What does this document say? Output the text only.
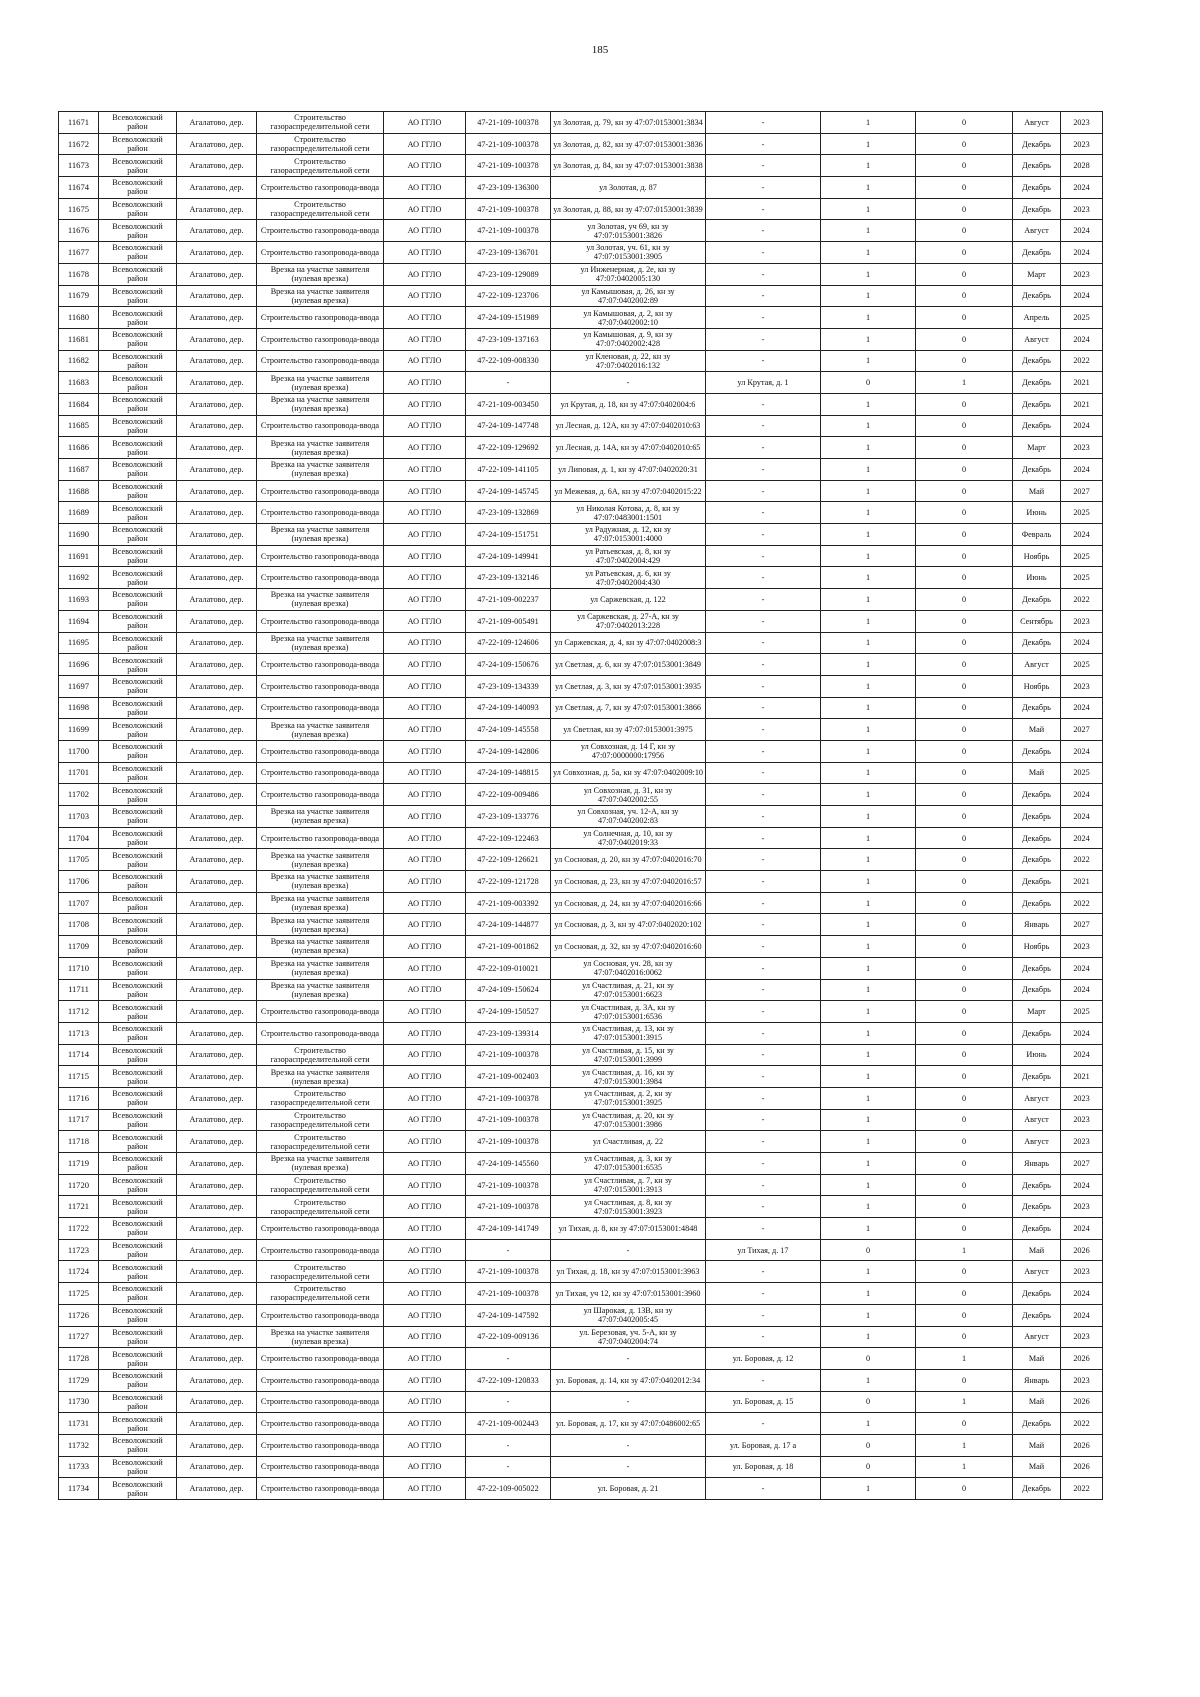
185
11671	Всеволожский район	Агалатово, дер.	Строительство газораспределительной сети	АО ГГЛО	47-21-109-100378	ул Золотая, д. 79, кн зу 47:07:0153001:3834	-	1	0	Август	2023
11672	Всеволожский район	Агалатово, дер.	Строительство газораспределительной сети	АО ГГЛО	47-21-109-100378	ул Золотая, д. 82, кн зу 47:07:0153001:3836	-	1	0	Декабрь	2023
11673	Всеволожский район	Агалатово, дер.	Строительство газораспределительной сети	АО ГГЛО	47-21-109-100378	ул Золотая, д. 84, кн зу 47:07:0153001:3838	-	1	0	Декабрь	2028
11674	Всеволожский район	Агалатово, дер.	Строительство газопровода-ввода	АО ГГЛО	47-23-109-136300	ул Золотая, д. 87	-	1	0	Декабрь	2024
11675	Всеволожский район	Агалатово, дер.	Строительство газораспределительной сети	АО ГГЛО	47-21-109-100378	ул Золотая, д. 88, кн зу 47:07:0153001:3839	-	1	0	Декабрь	2023
11676	Всеволожский район	Агалатово, дер.	Строительство газопровода-ввода	АО ГГЛО	47-21-109-100378	ул Золотая, уч 69, кн зу 47:07:0153001:3826	-	1	0	Август	2024
11677	Всеволожский район	Агалатово, дер.	Строительство газопровода-ввода	АО ГГЛО	47-23-109-136701	ул Золотая, уч. 61, кн зу 47:07:0153001:3905	-	1	0	Декабрь	2024
11678	Всеволожский район	Агалатово, дер.	Врезка на участке заявителя (нулевая врезка)	АО ГГЛО	47-23-109-129089	ул Инженерная, д. 2е, кн зу 47:07:0402005:130	-	1	0	Март	2023
11679	Всеволожский район	Агалатово, дер.	Врезка на участке заявителя (нулевая врезка)	АО ГГЛО	47-22-109-123706	ул Камышовая, д. 26, кн зу 47:07:0402002:89	-	1	0	Декабрь	2024
11680	Всеволожский район	Агалатово, дер.	Строительство газопровода-ввода	АО ГГЛО	47-24-109-151989	ул Камышовая, д. 2, кн зу 47:07:0402002:10	-	1	0	Апрель	2025
11681	Всеволожский район	Агалатово, дер.	Строительство газопровода-ввода	АО ГГЛО	47-23-109-137163	ул Камышовая, д. 9, кн зу 47:07:0402002:428	-	1	0	Август	2024
11682	Всеволожский район	Агалатово, дер.	Строительство газопровода-ввода	АО ГГЛО	47-22-109-008330	ул Кленовая, д. 22, кн зу 47:07:0402016:132	-	1	0	Декабрь	2022
11683	Всеволожский район	Агалатово, дер.	Врезка на участке заявителя (нулевая врезка)	АО ГГЛО	-	-	ул Крутая, д. 1	0	1	Декабрь	2021
11684	Всеволожский район	Агалатово, дер.	Врезка на участке заявителя (нулевая врезка)	АО ГГЛО	47-21-109-003450	ул Крутая, д. 18, кн зу 47:07:0402004:6	-	1	0	Декабрь	2021
11685	Всеволожский район	Агалатово, дер.	Строительство газопровода-ввода	АО ГГЛО	47-24-109-147748	ул Лесная, д. 12А, кн зу 47:07:0402010:63	-	1	0	Декабрь	2024
11686	Всеволожский район	Агалатово, дер.	Врезка на участке заявителя (нулевая врезка)	АО ГГЛО	47-22-109-129692	ул Лесная, д. 14А, кн зу 47:07:0402010:65	-	1	0	Март	2023
11687	Всеволожский район	Агалатово, дер.	Врезка на участке заявителя (нулевая врезка)	АО ГГЛО	47-22-109-141105	ул Липовая, д. 1, кн зу 47:07:0402020:31	-	1	0	Декабрь	2024
11688	Всеволожский район	Агалатово, дер.	Строительство газопровода-ввода	АО ГГЛО	47-24-109-145745	ул Межевая, д. 6А, кн зу 47:07:0402015:22	-	1	0	Май	2027
11689	Всеволожский район	Агалатово, дер.	Строительство газопровода-ввода	АО ГГЛО	47-23-109-132869	ул Николая Котова, д. 8, кн зу 47:07:0483001:1501	-	1	0	Июнь	2025
11690	Всеволожский район	Агалатово, дер.	Врезка на участке заявителя (нулевая врезка)	АО ГГЛО	47-24-109-151751	ул Радужная, д. 12, кн зу 47:07:0153001:4000	-	1	0	Февраль	2024
11691	Всеволожский район	Агалатово, дер.	Строительство газопровода-ввода	АО ГГЛО	47-24-109-149941	ул Ратьевская, д. 8, кн зу 47:07:0402004:429	-	1	0	Ноябрь	2025
11692	Всеволожский район	Агалатово, дер.	Строительство газопровода-ввода	АО ГГЛО	47-23-109-132146	ул Ратьевская, д. 6, кн зу 47:07:0402004:430	-	1	0	Июнь	2025
11693	Всеволожский район	Агалатово, дер.	Врезка на участке заявителя (нулевая врезка)	АО ГГЛО	47-21-109-002237	ул Саржевская, д. 122	-	1	0	Декабрь	2022
11694	Всеволожский район	Агалатово, дер.	Строительство газопровода-ввода	АО ГГЛО	47-21-109-005491	ул Саржевская, д. 27-А, кн зу 47:07:0402013:228	-	1	0	Сентябрь	2023
11695	Всеволожский район	Агалатово, дер.	Врезка на участке заявителя (нулевая врезка)	АО ГГЛО	47-22-109-124606	ул Саржевская, д. 4, кн зу 47:07:0402008:3	-	1	0	Декабрь	2024
11696	Всеволожский район	Агалатово, дер.	Строительство газопровода-ввода	АО ГГЛО	47-24-109-150676	ул Светлая, д. 6, кн зу 47:07:0153001:3849	-	1	0	Август	2025
11697	Всеволожский район	Агалатово, дер.	Строительство газопровода-ввода	АО ГГЛО	47-23-109-134339	ул Светлая, д. 3, кн зу 47:07:0153001:3935	-	1	0	Ноябрь	2023
11698	Всеволожский район	Агалатово, дер.	Строительство газопровода-ввода	АО ГГЛО	47-24-109-140093	ул Светлая, д. 7, кн зу 47:07:0153001:3866	-	1	0	Декабрь	2024
11699	Всеволожский район	Агалатово, дер.	Врезка на участке заявителя (нулевая врезка)	АО ГГЛО	47-24-109-145558	ул Светлая, кн зу 47:07:0153001:3975	-	1	0	Май	2027
11700	Всеволожский район	Агалатово, дер.	Строительство газопровода-ввода	АО ГГЛО	47-24-109-142806	ул Совхозная, д. 14 Г, кн зу 47:07:0000000:17956	-	1	0	Декабрь	2024
11701	Всеволожский район	Агалатово, дер.	Строительство газопровода-ввода	АО ГГЛО	47-24-109-148815	ул Совхозная, д. 5а, кн зу 47:07:0402009:10	-	1	0	Май	2025
11702	Всеволожский район	Агалатово, дер.	Строительство газопровода-ввода	АО ГГЛО	47-22-109-009486	ул Совхозная, д. 31, кн зу 47:07:0402002:55	-	1	0	Декабрь	2024
11703	Всеволожский район	Агалатово, дер.	Врезка на участке заявителя (нулевая врезка)	АО ГГЛО	47-23-109-133776	ул Совхозная, уч. 12-А, кн зу 47:07:0402002:83	-	1	0	Декабрь	2024
11704	Всеволожский район	Агалатово, дер.	Строительство газопровода-ввода	АО ГГЛО	47-22-109-122463	ул Солнечная, д. 10, кн зу 47:07:0402019:33	-	1	0	Декабрь	2024
11705	Всеволожский район	Агалатово, дер.	Врезка на участке заявителя (нулевая врезка)	АО ГГЛО	47-22-109-126621	ул Сосновая, д. 20, кн зу 47:07:0402016:70	-	1	0	Декабрь	2022
11706	Всеволожский район	Агалатово, дер.	Врезка на участке заявителя (нулевая врезка)	АО ГГЛО	47-22-109-121728	ул Сосновая, д. 23, кн зу 47:07:0402016:57	-	1	0	Декабрь	2021
11707	Всеволожский район	Агалатово, дер.	Врезка на участке заявителя (нулевая врезка)	АО ГГЛО	47-21-109-003392	ул Сосновая, д. 24, кн зу 47:07:0402016:66	-	1	0	Декабрь	2022
11708	Всеволожский район	Агалатово, дер.	Врезка на участке заявителя (нулевая врезка)	АО ГГЛО	47-24-109-144877	ул Сосновая, д. 3, кн зу 47:07:0402020:102	-	1	0	Январь	2027
11709	Всеволожский район	Агалатово, дер.	Врезка на участке заявителя (нулевая врезка)	АО ГГЛО	47-21-109-001862	ул Сосновая, д. 32, кн зу 47:07:0402016:60	-	1	0	Ноябрь	2023
11710	Всеволожский район	Агалатово, дер.	Врезка на участке заявителя (нулевая врезка)	АО ГГЛО	47-22-109-010021	ул Сосновая, уч. 28, кн зу 47:07:0402016:0062	-	1	0	Декабрь	2024
11711	Всеволожский район	Агалатово, дер.	Врезка на участке заявителя (нулевая врезка)	АО ГГЛО	47-24-109-150624	ул Счастливая, д. 21, кн зу 47:07:0153001:6623	-	1	0	Декабрь	2024
11712	Всеволожский район	Агалатово, дер.	Строительство газопровода-ввода	АО ГГЛО	47-24-109-150527	ул Счастливая, д. 3А, кн зу 47:07:0153001:6536	-	1	0	Март	2025
11713	Всеволожский район	Агалатово, дер.	Строительство газопровода-ввода	АО ГГЛО	47-23-109-139314	ул Счастливая, д. 13, кн зу 47:07:0153001:3915	-	1	0	Декабрь	2024
11714	Всеволожский район	Агалатово, дер.	Строительство газораспределительной сети	АО ГГЛО	47-21-109-100378	ул Счастливая, д. 15, кн зу 47:07:0153001:3999	-	1	0	Июнь	2024
11715	Всеволожский район	Агалатово, дер.	Врезка на участке заявителя (нулевая врезка)	АО ГГЛО	47-21-109-002403	ул Счастливая, д. 16, кн зу 47:07:0153001:3984	-	1	0	Декабрь	2021
11716	Всеволожский район	Агалатово, дер.	Строительство газораспределительной сети	АО ГГЛО	47-21-109-100378	ул Счастливая, д. 2, кн зу 47:07:0153001:3925	-	1	0	Август	2023
11717	Всеволожский район	Агалатово, дер.	Строительство газораспределительной сети	АО ГГЛО	47-21-109-100378	ул Счастливая, д. 20, кн зу 47:07:0153001:3986	-	1	0	Август	2023
11718	Всеволожский район	Агалатово, дер.	Строительство газораспределительной сети	АО ГГЛО	47-21-109-100378	ул Счастливая, д. 22	-	1	0	Август	2023
11719	Всеволожский район	Агалатово, дер.	Врезка на участке заявителя (нулевая врезка)	АО ГГЛО	47-24-109-145560	ул Счастливая, д. 3, кн зу 47:07:0153001:6535	-	1	0	Январь	2027
11720	Всеволожский район	Агалатово, дер.	Строительство газораспределительной сети	АО ГГЛО	47-21-109-100378	ул Счастливая, д. 7, кн зу 47:07:0153001:3913	-	1	0	Декабрь	2024
11721	Всеволожский район	Агалатово, дер.	Строительство газораспределительной сети	АО ГГЛО	47-21-109-100378	ул Счастливая, д. 8, кн зу 47:07:0153001:3923	-	1	0	Декабрь	2023
11722	Всеволожский район	Агалатово, дер.	Строительство газопровода-ввода	АО ГГЛО	47-24-109-141749	ул Тихая, д. 8, кн зу 47:07:0153001:4848	-	1	0	Декабрь	2024
11723	Всеволожский район	Агалатово, дер.	Строительство газопровода-ввода	АО ГГЛО	-	-	ул Тихая, д. 17	0	1	Май	2026
11724	Всеволожский район	Агалатово, дер.	Строительство газораспределительной сети	АО ГГЛО	47-21-109-100378	ул Тихая, д. 18, кн зу 47:07:0153001:3963	-	1	0	Август	2023
11725	Всеволожский район	Агалатово, дер.	Строительство газораспределительной сети	АО ГГЛО	47-21-109-100378	ул Тихая, уч 12, кн зу 47:07:0153001:3960	-	1	0	Декабрь	2024
11726	Всеволожский район	Агалатово, дер.	Строительство газопровода-ввода	АО ГГЛО	47-24-109-147592	ул Шарокая, д. 13В, кн зу 47:07:0402005:45	-	1	0	Декабрь	2024
11727	Всеволожский район	Агалатово, дер.	Врезка на участке заявителя (нулевая врезка)	АО ГГЛО	47-22-109-009136	ул. Березовая, уч. 5-А, кн зу 47:07:0402004:74	-	1	0	Август	2023
11728	Всеволожский район	Агалатово, дер.	Строительство газопровода-ввода	АО ГГЛО	-	-	ул. Боровая, д. 12	0	1	Май	2026
11729	Всеволожский район	Агалатово, дер.	Строительство газопровода-ввода	АО ГГЛО	47-22-109-120833	ул. Боровая, д. 14, кн зу 47:07:0402012:34	-	1	0	Январь	2023
11730	Всеволожский район	Агалатово, дер.	Строительство газопровода-ввода	АО ГГЛО	-	-	ул. Боровая, д. 15	0	1	Май	2026
11731	Всеволожский район	Агалатово, дер.	Строительство газопровода-ввода	АО ГГЛО	47-21-109-002443	ул. Боровая, д. 17, кн зу 47:07:0486002:65	-	1	0	Декабрь	2022
11732	Всеволожский район	Агалатово, дер.	Строительство газопровода-ввода	АО ГГЛО	-	-	ул. Боровая, д. 17 а	0	1	Май	2026
11733	Всеволожский район	Агалатово, дер.	Строительство газопровода-ввода	АО ГГЛО	-	-	ул. Боровая, д. 18	0	1	Май	2026
11734	Всеволожский район	Агалатово, дер.	Строительство газопровода-ввода	АО ГГЛО	47-22-109-005022	ул. Боровая, д. 21	-	1	0	Декабрь	2022
